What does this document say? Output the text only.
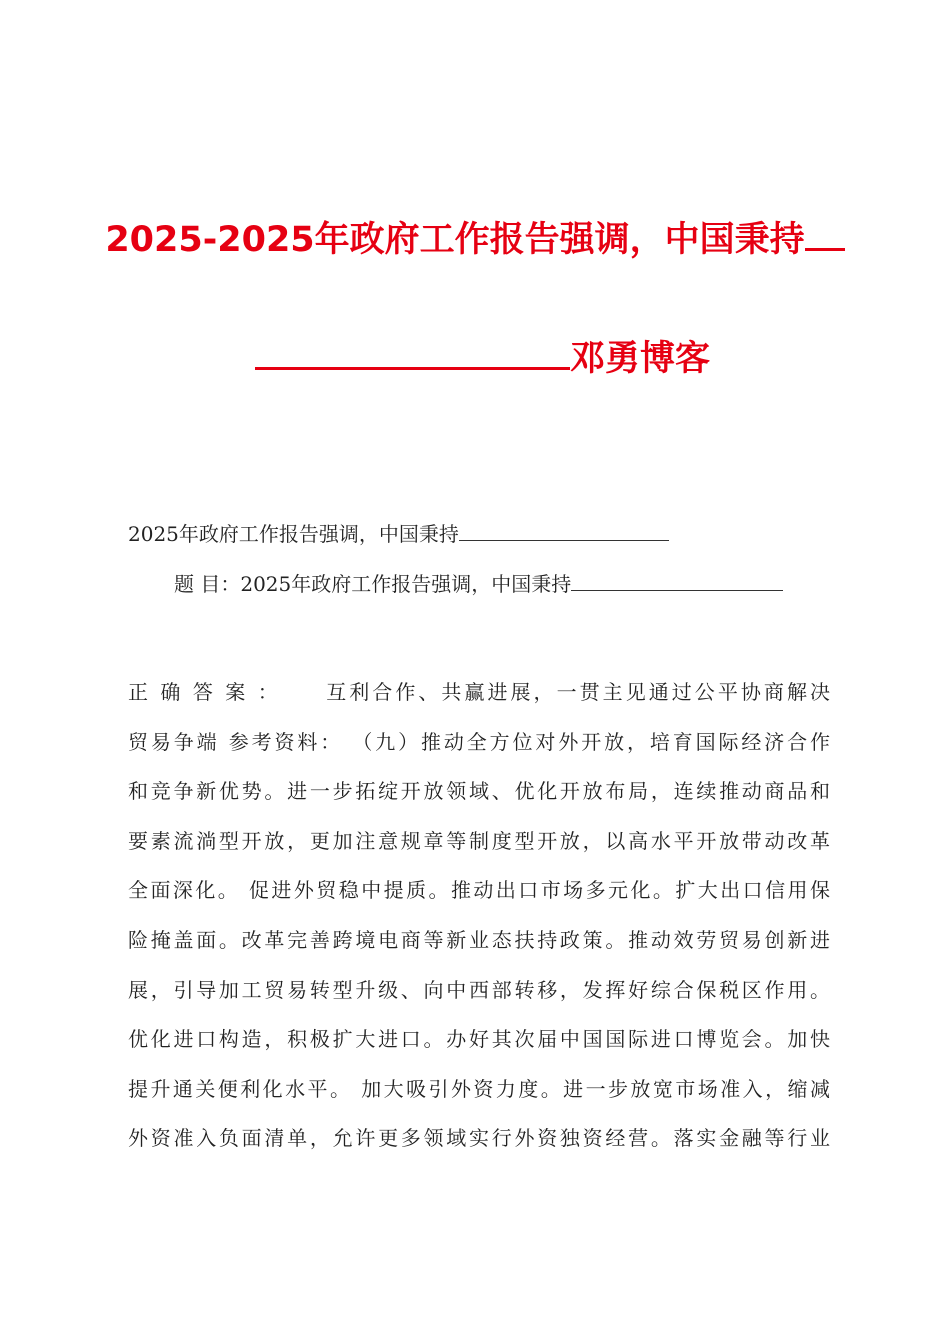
2025-2025年政府工作报告强调，中国秉持
邓勇博客
2025年政府工作报告强调，中国秉持
题 目：2025年政府工作报告强调，中国秉持
正 确 答 案 ：　　 互利合作、共赢进展，一贯主见通过公平协商解决
贸易争端 参考资料： （九）推动全方位对外开放，培育国际经济合作
和竞争新优势。进一步拓绽开放领域、优化开放布局，连续推动商品和
要素流淌型开放，更加注意规章等制度型开放，以高水平开放带动改革
全面深化。 促进外贸稳中提质。推动出口市场多元化。扩大出口信用保
险掩盖面。改革完善跨境电商等新业态扶持政策。推动效劳贸易创新进
展，引导加工贸易转型升级、向中西部转移，发挥好综合保税区作用。
优化进口构造，积极扩大进口。办好其次届中国国际进口博览会。加快
提升通关便利化水平。 加大吸引外资力度。进一步放宽市场准入，缩减
外资准入负面清单，允许更多领域实行外资独资经营。落实金融等行业
